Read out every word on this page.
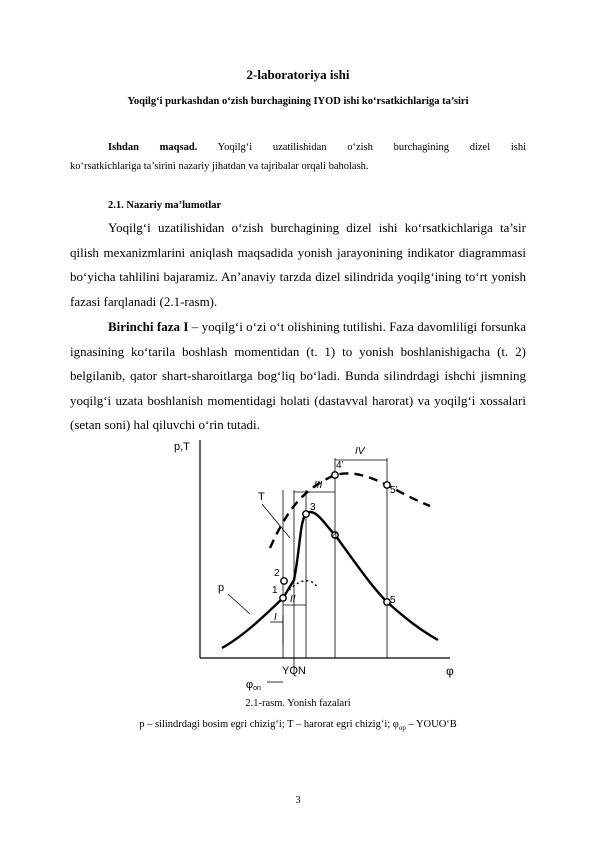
2-laboratoriya ishi
Yoqilg‘i purkashdan o‘zish burchagining IYOD ishi ko‘rsatkichlariga ta’siri
Ishdan maqsad. Yoqilg‘i uzatilishidan o‘zish burchagining dizel ishi
ko‘rsatkichlariga ta’sirini nazariy jihatdan va tajribalar orqali baholash.
2.1. Nazariy ma’lumotlar
Yoqilg‘i uzatilishidan o‘zish burchagining dizel ishi ko‘rsatkichlariga ta’sir qilish mexanizmlarini aniqlash maqsadida yonish jarayonining indikator diagrammasi bo‘yicha tahlilini bajaramiz. An’anaviy tarzda dizel silindrida yoqilg‘ining to‘rt yonish fazasi farqlanadi (2.1-rasm).
Birinchi faza I – yoqilg‘i o‘zi o‘t olishining tutilishi. Faza davomliligi forsunka ignasining ko‘tarila boshlash momentidan (t. 1) to yonish boshlanishigacha (t. 2) belgilanib, qator shart-sharoitlarga bog‘liq bo‘ladi. Bunda silindrdagi ishchi jismning yoqilg‘i uzata boshlanish momentidagi holati (dastavval harorat) va yoqilg‘i xossalari (setan soni) hal qiluvchi o‘rin tutadi.
p,T
φ
I
II
III
IV
1
2
3
4
5
4’
5’
T
p
YQN
φon
2.1-rasm. Yonish fazalari
p – silindrdagi bosim egri chizig‘i; T – harorat egri chizig‘i; $\varphi_{op}$ – YOUO‘B
3
